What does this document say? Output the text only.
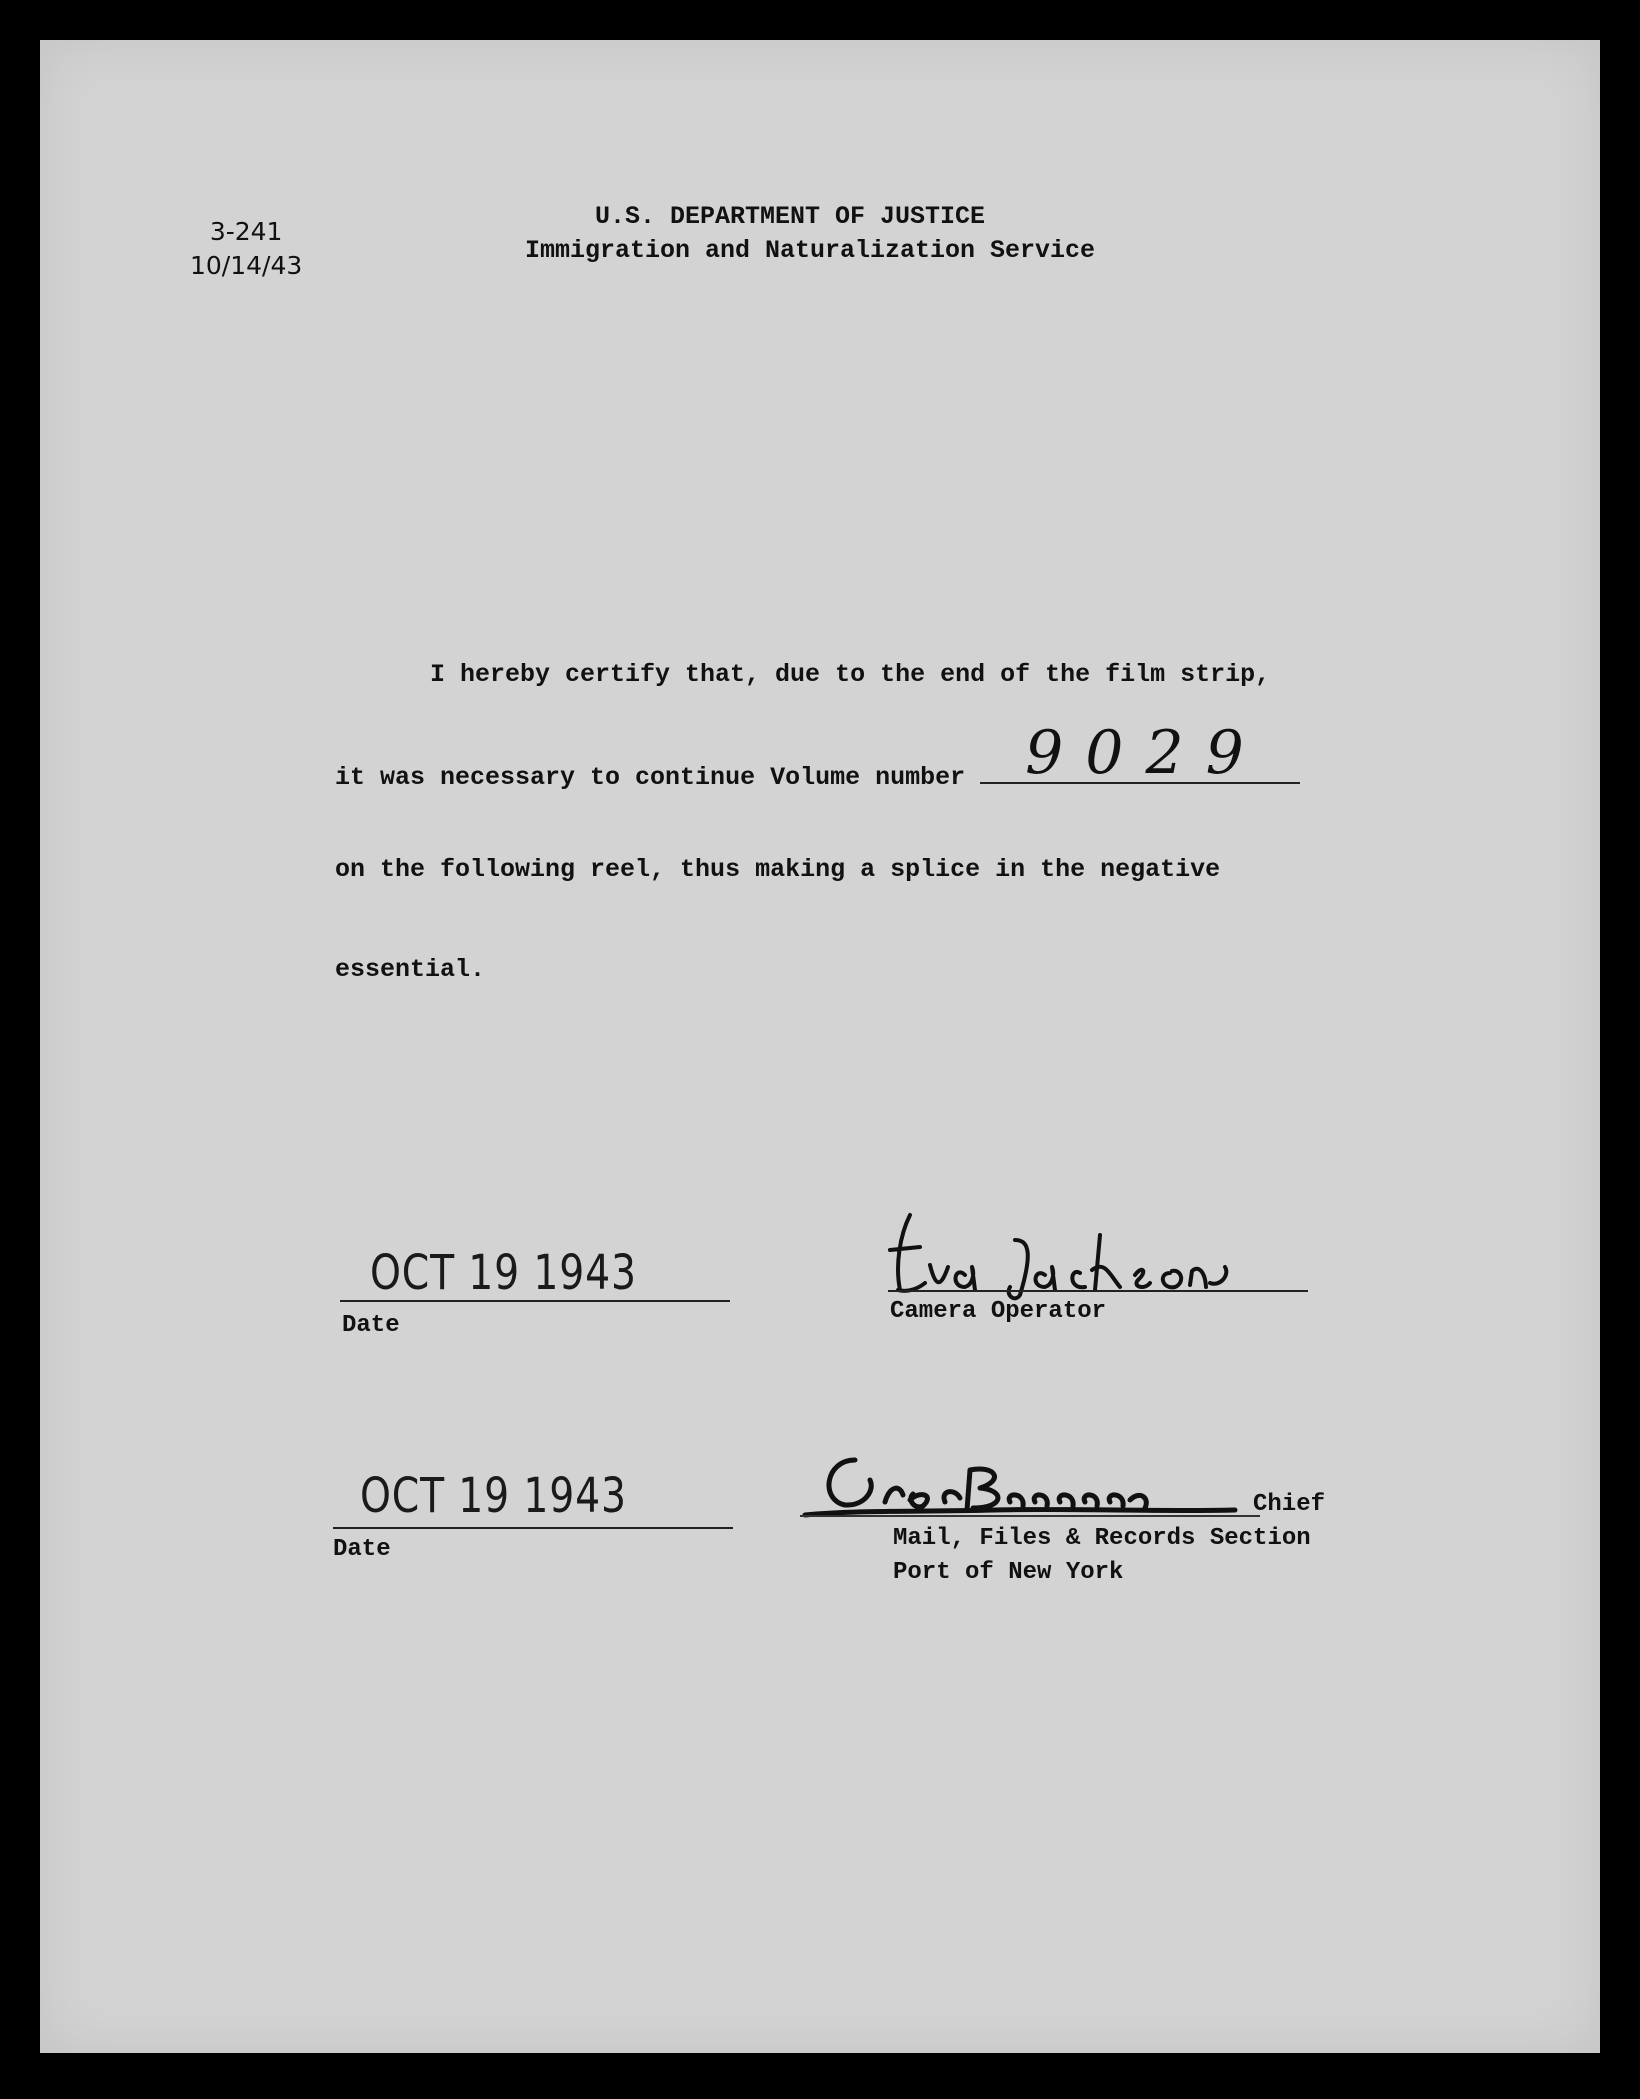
3-241
10/14/43
U.S. DEPARTMENT OF JUSTICE
Immigration and Naturalization Service
I hereby certify that, due to the end of the film strip,
it was necessary to continue Volume number 9029
on the following reel, thus making a splice in the negative
essential.
OCT 19 1943
Date
Camera Operator
OCT 19 1943
Date
Chief
Mail, Files & Records Section
Port of New York
